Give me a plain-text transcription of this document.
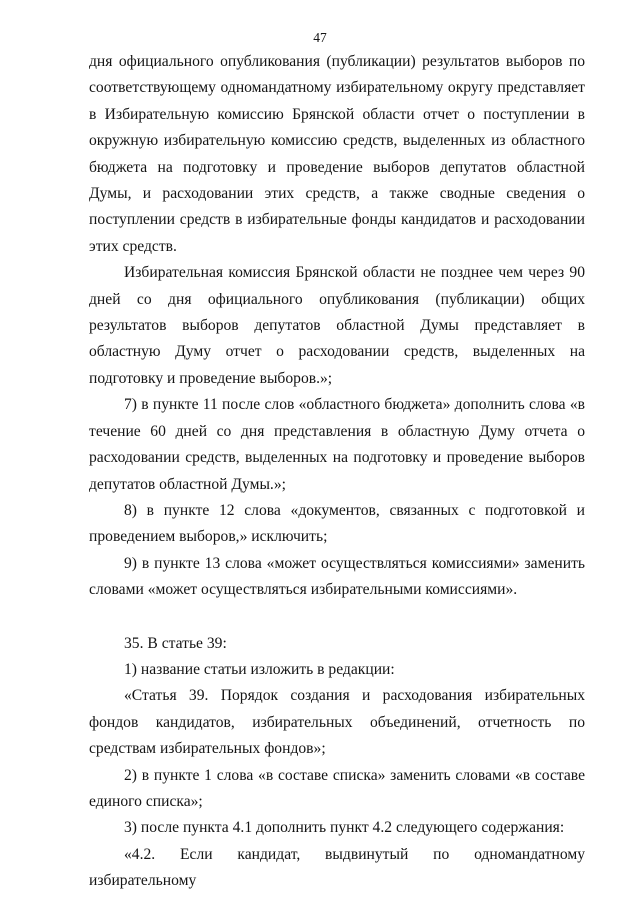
47

дня официального опубликования (публикации) результатов выборов по соответствующему одномандатному избирательному округу представляет в Избирательную комиссию Брянской области отчет о поступлении в окружную избирательную комиссию средств, выделенных из областного бюджета на подготовку и проведение выборов депутатов областной Думы, и расходовании этих средств, а также сводные сведения о поступлении средств в избирательные фонды кандидатов и расходовании этих средств.

Избирательная комиссия Брянской области не позднее чем через 90 дней со дня официального опубликования (публикации) общих результатов выборов депутатов областной Думы представляет в областную Думу отчет о расходовании средств, выделенных на подготовку и проведение выборов.»;

7) в пункте 11 после слов «областного бюджета» дополнить слова «в течение 60 дней со дня представления в областную Думу отчета о расходовании средств, выделенных на подготовку и проведение выборов депутатов областной Думы.»;

8) в пункте 12 слова «документов, связанных с подготовкой и проведением выборов,» исключить;

9) в пункте 13 слова «может осуществляться комиссиями» заменить словами «может осуществляться избирательными комиссиями».

35. В статье 39:

1) название статьи изложить в редакции:

«Статья 39. Порядок создания и расходования избирательных фондов кандидатов, избирательных объединений, отчетность по средствам избирательных фондов»;

2) в пункте 1 слова «в составе списка» заменить словами «в составе единого списка»;

3) после пункта 4.1 дополнить пункт 4.2 следующего содержания:

«4.2. Если кандидат, выдвинутый по одномандатному избирательному
